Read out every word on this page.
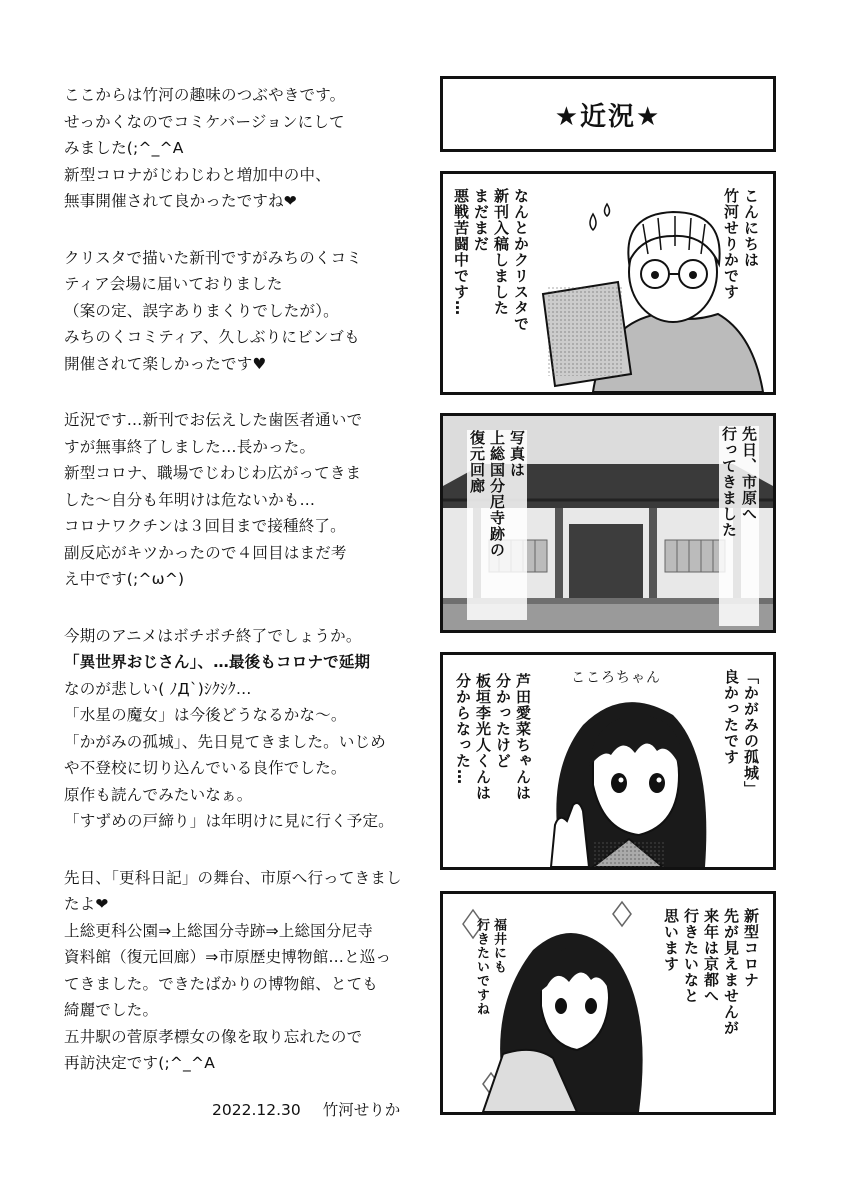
ここからは竹河の趣味のつぶやきです。
せっかくなのでコミケバージョンにして
みました(;^_^A
新型コロナがじわじわと増加中の中、
無事開催されて良かったですね❤
クリスタで描いた新刊ですがみちのくコミ
ティア会場に届いておりました
（案の定、誤字ありまくりでしたが）。
みちのくコミティア、久しぶりにビンゴも
開催されて楽しかったです♥
近況です…新刊でお伝えした歯医者通いで
すが無事終了しました…長かった。
新型コロナ、職場でじわじわ広がってきま
した～自分も年明けは危ないかも…
コロナワクチンは３回目まで接種終了。
副反応がキツかったので４回目はまだ考
え中です(;^ω^)
今期のアニメはボチボチ終了でしょうか。
「異世界おじさん」、…最後もコロナで延期
なのが悲しい( ﾉД`)ｼｸｼｸ…
「水星の魔女」は今後どうなるかな～。
「かがみの孤城」、先日見てきました。いじめ
や不登校に切り込んでいる良作でした。
原作も読んでみたいなぁ。
「すずめの戸締り」は年明けに見に行く予定。
先日、「更科日記」の舞台、市原へ行ってきまし
たよ❤
上総更科公園⇒上総国分寺跡⇒上総国分尼寺
資料館（復元回廊）⇒市原歴史博物館…と巡っ
てきました。できたばかりの博物館、とても
綺麗でした。
五井駅の菅原孝標女の像を取り忘れたので
再訪決定です(;^_^A
2022.12.30 竹河せりか
★近況★
こんにちは
竹河せりかです
なんとかクリスタで
新刊入稿しました
まだまだ
悪戦苦闘中です…
先日、市原へ
行ってきました
写真は
上総国分尼寺跡の
復元回廊
こころちゃん	「かがみの孤城」
良かったです
芦田愛菜ちゃんは
分かったけど
板垣李光人くんは
分からなった…
新型コロナ
先が見えませんが
来年は京都へ
行きたいなと
思います
福井にも
行きたいですね
